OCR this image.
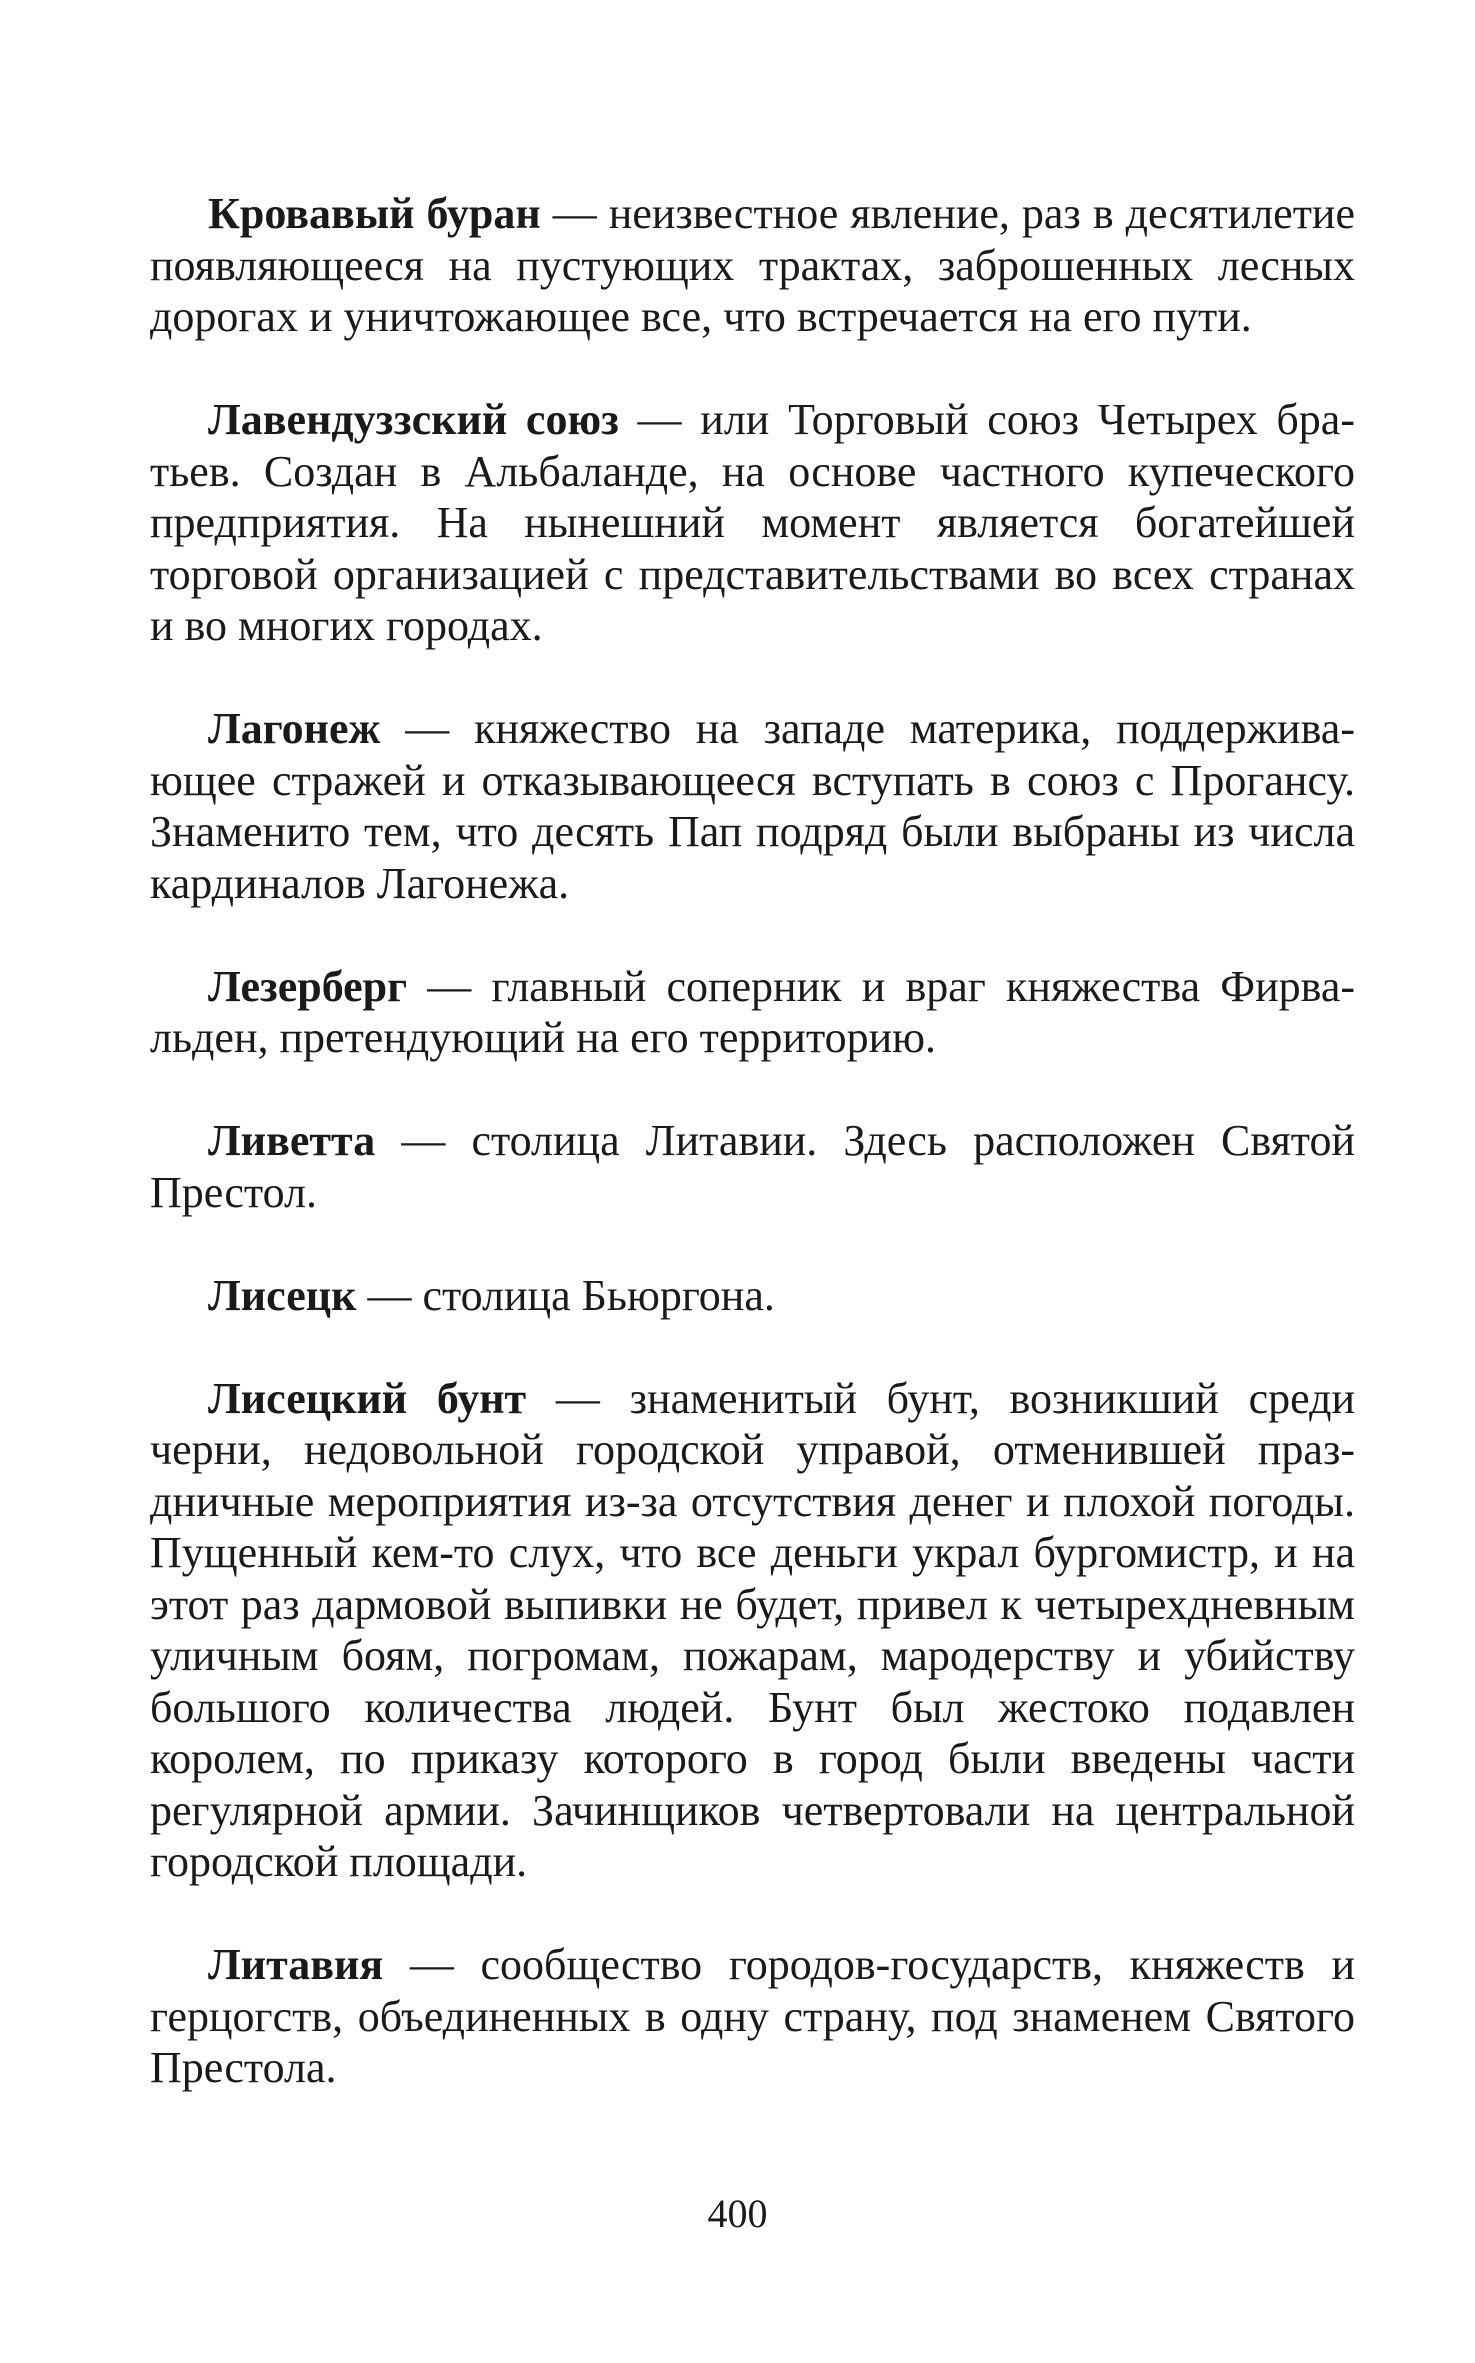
Кровавый буран — неизвестное явление, раз в десятилетие появляющееся на пустующих трактах, заброшенных лесных дорогах и уничтожающее все, что встречается на его пути.

Лавендуззский союз — или Торговый союз Четырех братьев. Создан в Альбаланде, на основе частного купеческого предприятия. На нынешний момент является богатейшей торговой организацией с представительствами во всех странах и во многих городах.

Лагонеж — княжество на западе материка, поддерживающее стражей и отказывающееся вступать в союз с Прогансу. Знаменито тем, что десять Пап подряд были выбраны из числа кардиналов Лагонежа.

Лезерберг — главный соперник и враг княжества Фирвальден, претендующий на его территорию.

Ливетта — столица Литавии. Здесь расположен Святой Престол.

Лисецк — столица Бьюргона.

Лисецкий бунт — знаменитый бунт, возникший среди черни, недовольной городской управой, отменившей праздничные мероприятия из-за отсутствия денег и плохой погоды. Пущенный кем-то слух, что все деньги украл бургомистр, и на этот раз дармовой выпивки не будет, привел к четырехдневным уличным боям, погромам, пожарам, мародерству и убийству большого количества людей. Бунт был жестоко подавлен королем, по приказу которого в город были введены части регулярной армии. Зачинщиков четвертовали на центральной городской площади.

Литавия — сообщество городов-государств, княжеств и герцогств, объединенных в одну страну, под знаменем Святого Престола.

400
